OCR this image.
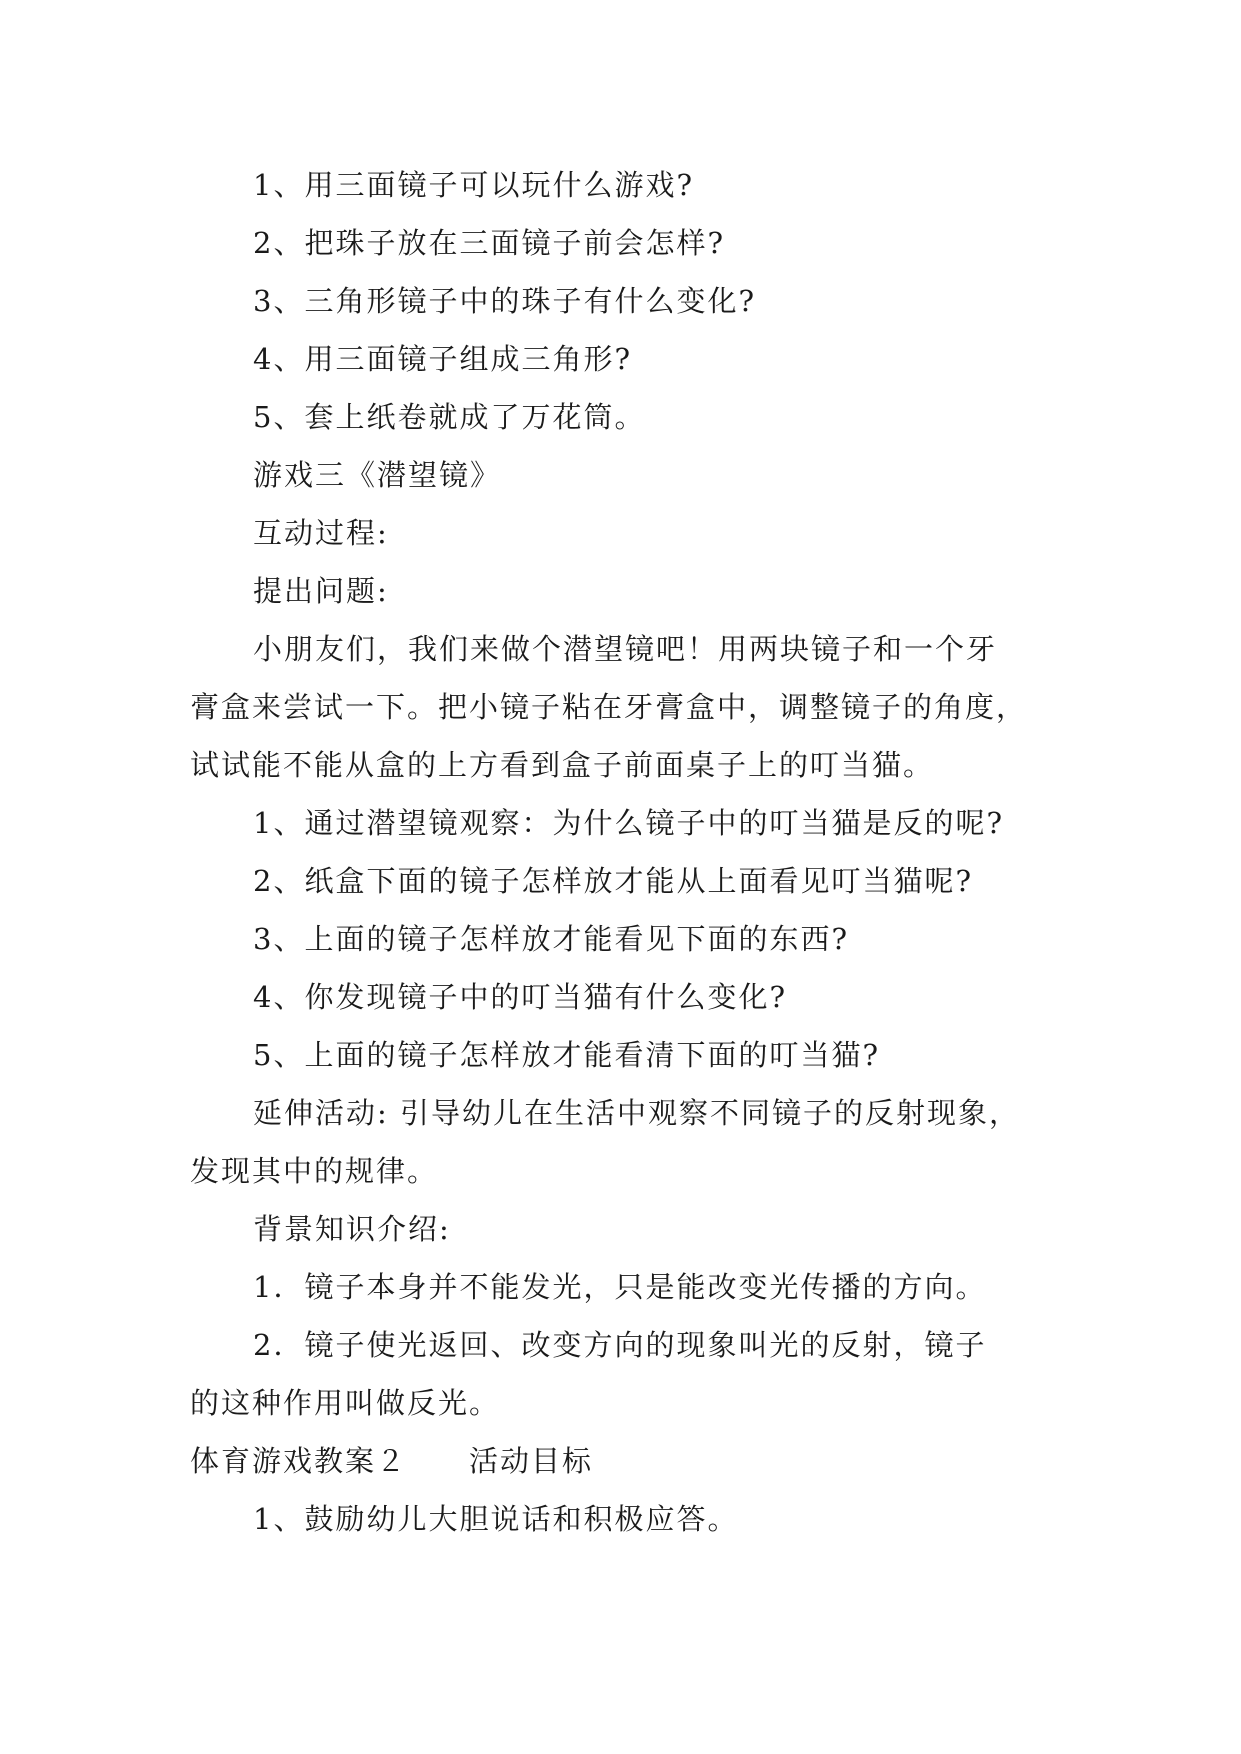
1、用三面镜子可以玩什么游戏?
2、把珠子放在三面镜子前会怎样?
3、三角形镜子中的珠子有什么变化?
4、用三面镜子组成三角形?
5、套上纸卷就成了万花筒。
游戏三《潜望镜》
互动过程:
提出问题:
小朋友们，我们来做个潜望镜吧！用两块镜子和一个牙
膏盒来尝试一下。把小镜子粘在牙膏盒中，调整镜子的角度，
试试能不能从盒的上方看到盒子前面桌子上的叮当猫。
1、通过潜望镜观察：为什么镜子中的叮当猫是反的呢?
2、纸盒下面的镜子怎样放才能从上面看见叮当猫呢?
3、上面的镜子怎样放才能看见下面的东西?
4、你发现镜子中的叮当猫有什么变化?
5、上面的镜子怎样放才能看清下面的叮当猫?
延伸活动: 引导幼儿在生活中观察不同镜子的反射现象，
发现其中的规律。
背景知识介绍:
1．镜子本身并不能发光，只是能改变光传播的方向。
2．镜子使光返回、改变方向的现象叫光的反射，镜子
的这种作用叫做反光。
体育游戏教案２ 活动目标
1、鼓励幼儿大胆说话和积极应答。
